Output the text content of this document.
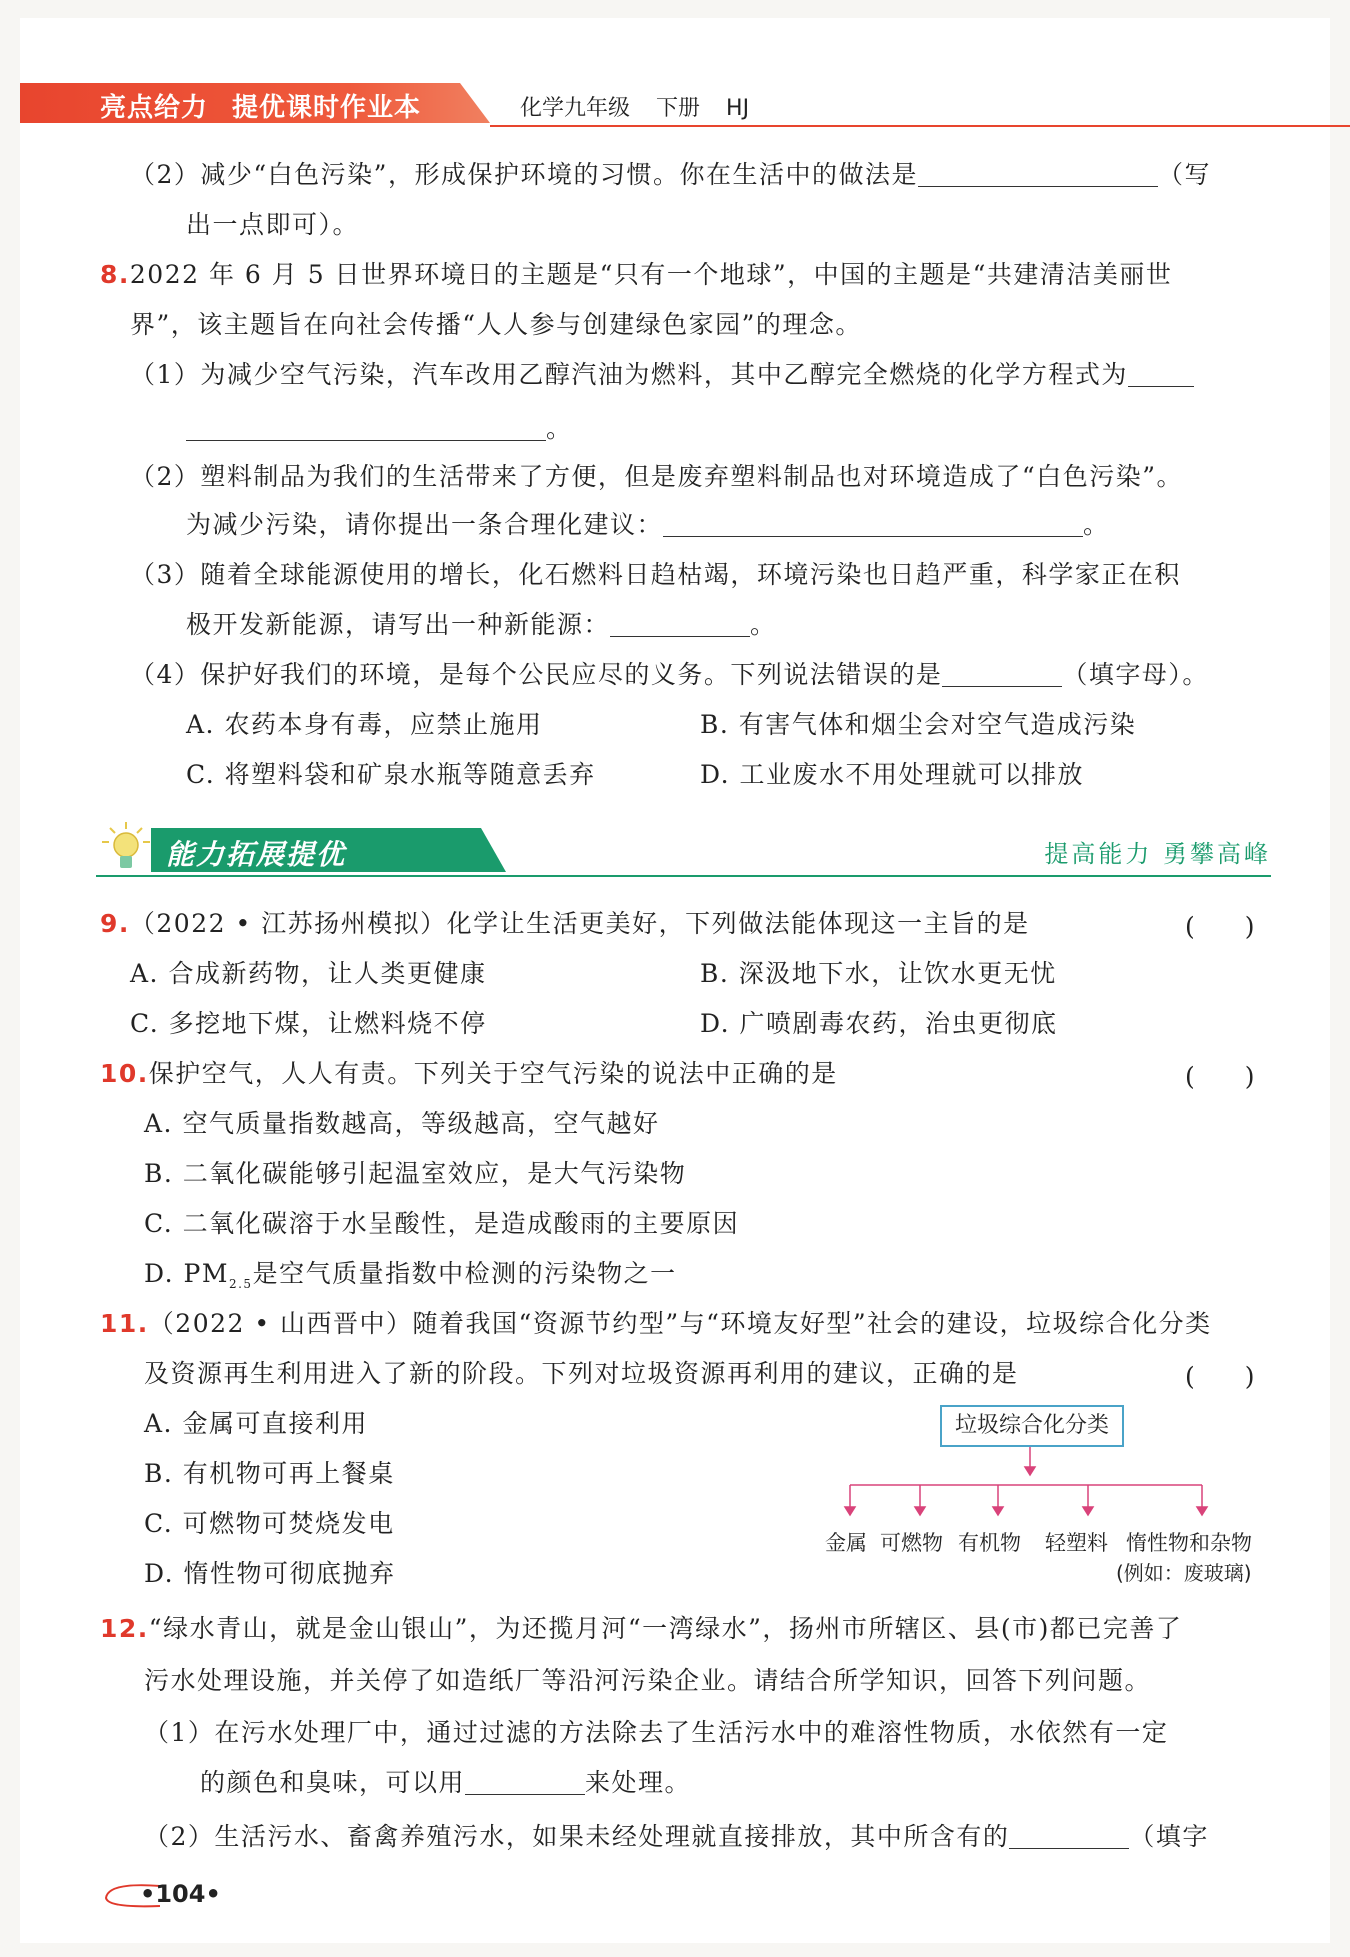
亮点给力 提优课时作业本	化学九年级 下册 HJ
（2）减少“白色污染”，形成保护环境的习惯。你在生活中的做法是	（写
出一点即可）。
8.2022 年 6 月 5 日世界环境日的主题是“只有一个地球”，中国的主题是“共建清洁美丽世
界”，该主题旨在向社会传播“人人参与创建绿色家园”的理念。
（1）为减少空气污染，汽车改用乙醇汽油为燃料，其中乙醇完全燃烧的化学方程式为
。
（2）塑料制品为我们的生活带来了方便，但是废弃塑料制品也对环境造成了“白色污染”。
为减少污染，请你提出一条合理化建议：	。
（3）随着全球能源使用的增长，化石燃料日趋枯竭，环境污染也日趋严重，科学家正在积
极开发新能源，请写出一种新能源：	。
（4）保护好我们的环境，是每个公民应尽的义务。下列说法错误的是	（填字母）。
A. 农药本身有毒，应禁止施用	B. 有害气体和烟尘会对空气造成污染
C. 将塑料袋和矿泉水瓶等随意丢弃	D. 工业废水不用处理就可以排放
能力拓展提优	提高能力 勇攀高峰
9.（2022 • 江苏扬州模拟）化学让生活更美好，下列做法能体现这一主旨的是	(　　)
A. 合成新药物，让人类更健康	B. 深汲地下水，让饮水更无忧
C. 多挖地下煤，让燃料烧不停	D. 广喷剧毒农药，治虫更彻底
10.保护空气，人人有责。下列关于空气污染的说法中正确的是	(　　)
A. 空气质量指数越高，等级越高，空气越好
B. 二氧化碳能够引起温室效应，是大气污染物
C. 二氧化碳溶于水呈酸性，是造成酸雨的主要原因
D. $PM_{2.5}$是空气质量指数中检测的污染物之一
11.（2022 • 山西晋中）随着我国“资源节约型”与“环境友好型”社会的建设，垃圾综合化分类
及资源再生利用进入了新的阶段。下列对垃圾资源再利用的建议，正确的是	(　　)
A. 金属可直接利用
B. 有机物可再上餐桌
C. 可燃物可焚烧发电
D. 惰性物可彻底抛弃
垃圾综合化分类
金属 可燃物 有机物 轻塑料 惰性物和杂物
(例如：废玻璃)
12.“绿水青山，就是金山银山”，为还揽月河“一湾绿水”，扬州市所辖区、县(市)都已完善了
污水处理设施，并关停了如造纸厂等沿河污染企业。请结合所学知识，回答下列问题。
（1）在污水处理厂中，通过过滤的方法除去了生活污水中的难溶性物质，水依然有一定
的颜色和臭味，可以用	来处理。
（2）生活污水、畜禽养殖污水，如果未经处理就直接排放，其中所含有的	（填字
•104•
